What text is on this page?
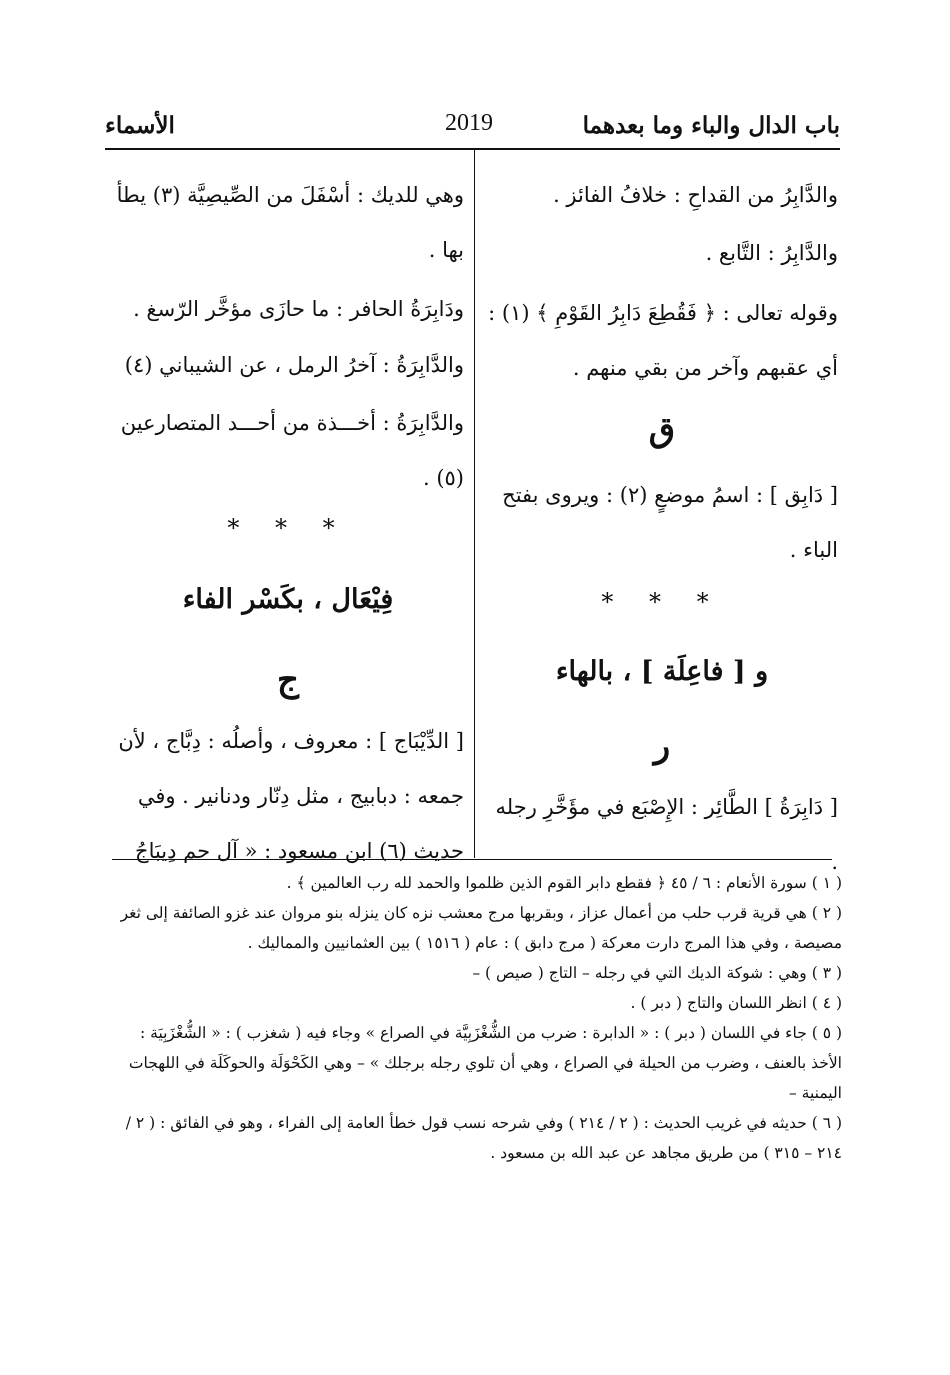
باب الدال والباء وما بعدهما
2019
الأسماء
والدَّابِرُ من القداحِ : خلافُ الفائز .
والدَّابِرُ : التَّابع .
وقوله تعالى : ﴿ فَقُطِعَ دَابِرُ القَوْمِ ﴾ (١) : أي عقبهم وآخر من بقي منهم .
ق
[ دَابِق ] : اسمُ موضعٍ (٢) : ويروى بفتح الباء .
* * *
و [ فاعِلَة ] ، بالهاء
ر
[ دَابِرَةُ ] الطَّائِر : الإِصْبَع في مؤَخَّرِ رجله .
وهي للديك : أسْفَلَ من الصِّيصِيَّة (٣) يطأ بها .
ودَابِرَةُ الحافر : ما حازَى مؤخَّر الرّسغ .
والدَّابِرَةُ : آخرُ الرمل ، عن الشيباني (٤)
والدَّابِرَةُ : أخـــذة من أحـــد المتصارعين (٥) .
* * *
فِيْعَال ، بكَسْر الفاء
ج
[ الدِّيْبَاج ] : معروف ، وأصلُه : دِبَّاج ، لأن جمعه : دبابيج ، مثل دِنّار ودنانير . وفي حديث (٦) ابن مسعود : « آل حم دِيبَاجُ
( ١ ) سورة الأنعام : ٦ / ٤٥ ﴿ فقطع دابر القوم الذين ظلموا والحمد لله رب العالمين ﴾ .
( ٢ ) هي قرية قرب حلب من أعمال عزاز ، وبقربها مرج معشب نزه كان ينزله بنو مروان عند غزو الصائفة إلى ثغر مصيصة ، وفي هذا المرج دارت معركة ( مرج دابق ) : عام ( ١٥١٦ ) بين العثمانيين والمماليك .
( ٣ ) وهي : شوكة الديك التي في رجله – التاج ( صيص ) –
( ٤ ) انظر اللسان والتاج ( دبر ) .
( ٥ ) جاء في اللسان ( دبر ) : « الدابرة : ضرب من الشُّغْزَبِيَّة في الصراع » وجاء فيه ( شغزب ) : « الشُّغْزَبِيَة : الأخذ بالعنف ، وضرب من الحيلة في الصراع ، وهي أن تلوي رجله برجلك » – وهي الكَحْوَلَة والحوكَلَة في اللهجات اليمنية –
( ٦ ) حديثه في غريب الحديث : ( ٢ / ٢١٤ ) وفي شرحه نسب قول خطأ العامة إلى الفراء ، وهو في الفائق : ( ٢ / ٢١٤ – ٣١٥ ) من طريق مجاهد عن عبد الله بن مسعود .
